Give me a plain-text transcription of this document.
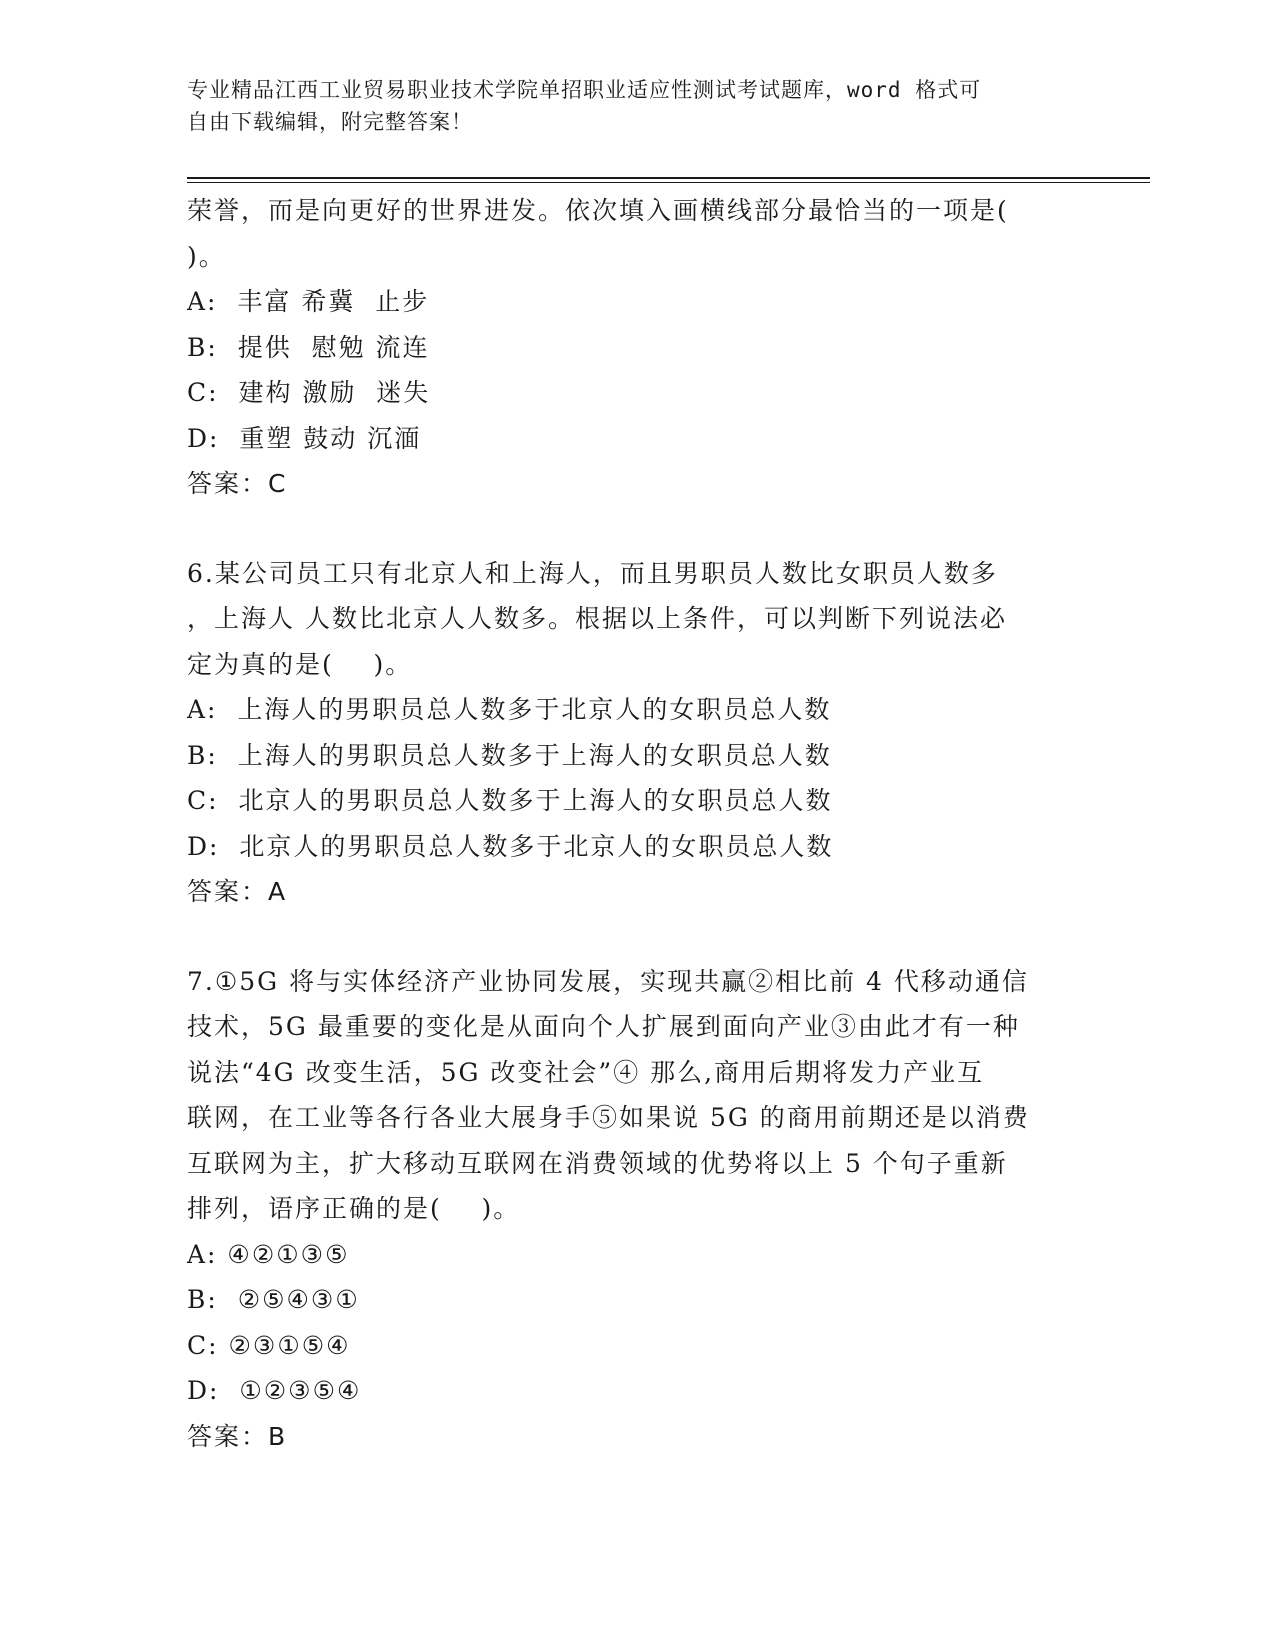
专业精品江西工业贸易职业技术学院单招职业适应性测试考试题库，word 格式可
自由下载编辑，附完整答案！
荣誉，而是向更好的世界进发。依次填入画横线部分最恰当的一项是(
)。
A:  丰富 希冀  止步
B:  提供  慰勉 流连
C:  建构 激励  迷失
D:  重塑 鼓动 沉湎
答案：C
6.某公司员工只有北京人和上海人，而且男职员人数比女职员人数多
，上海人 人数比北京人人数多。根据以上条件，可以判断下列说法必
定为真的是(    )。
A:  上海人的男职员总人数多于北京人的女职员总人数
B:  上海人的男职员总人数多于上海人的女职员总人数
C:  北京人的男职员总人数多于上海人的女职员总人数
D:  北京人的男职员总人数多于北京人的女职员总人数
答案：A
7.①5G 将与实体经济产业协同发展，实现共赢②相比前 4 代移动通信
技术，5G 最重要的变化是从面向个人扩展到面向产业③由此才有一种
说法“4G 改变生活，5G 改变社会”④ 那么,商用后期将发力产业互
联网，在工业等各行各业大展身手⑤如果说 5G 的商用前期还是以消费
互联网为主，扩大移动互联网在消费领域的优势将以上 5 个句子重新
排列，语序正确的是(    )。
A: ④②①③⑤
B:  ②⑤④③①
C: ②③①⑤④
D:  ①②③⑤④
答案：B
